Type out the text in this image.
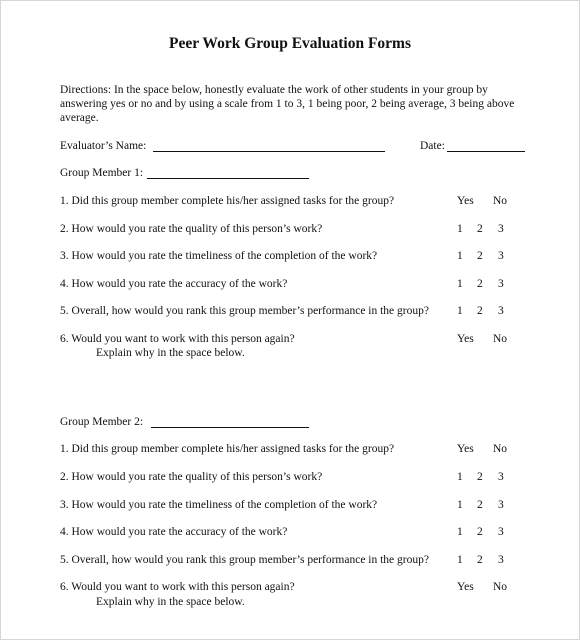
Peer Work Group Evaluation Forms
Directions: In the space below, honestly evaluate the work of other students in your group by answering yes or no and by using a scale from 1 to 3, 1 being poor, 2 being average, 3 being above average.
Evaluator’s Name:	Date:
Group Member 1:
1. Did this group member complete his/her assigned tasks for the group?	Yes No
2. How would you rate the quality of this person’s work?	1 2 3
3. How would you rate the timeliness of the completion of the work?	1 2 3
4. How would you rate the accuracy of the work?	1 2 3
5. Overall, how would you rank this group member’s performance in the group? 1 2 3
6. Would you want to work with this person again?	Yes No
Explain why in the space below.
Group Member 2:
1. Did this group member complete his/her assigned tasks for the group?	Yes No
2. How would you rate the quality of this person’s work?	1 2 3
3. How would you rate the timeliness of the completion of the work?	1 2 3
4. How would you rate the accuracy of the work?	1 2 3
5. Overall, how would you rank this group member’s performance in the group? 1 2 3
6. Would you want to work with this person again?	Yes No
Explain why in the space below.
